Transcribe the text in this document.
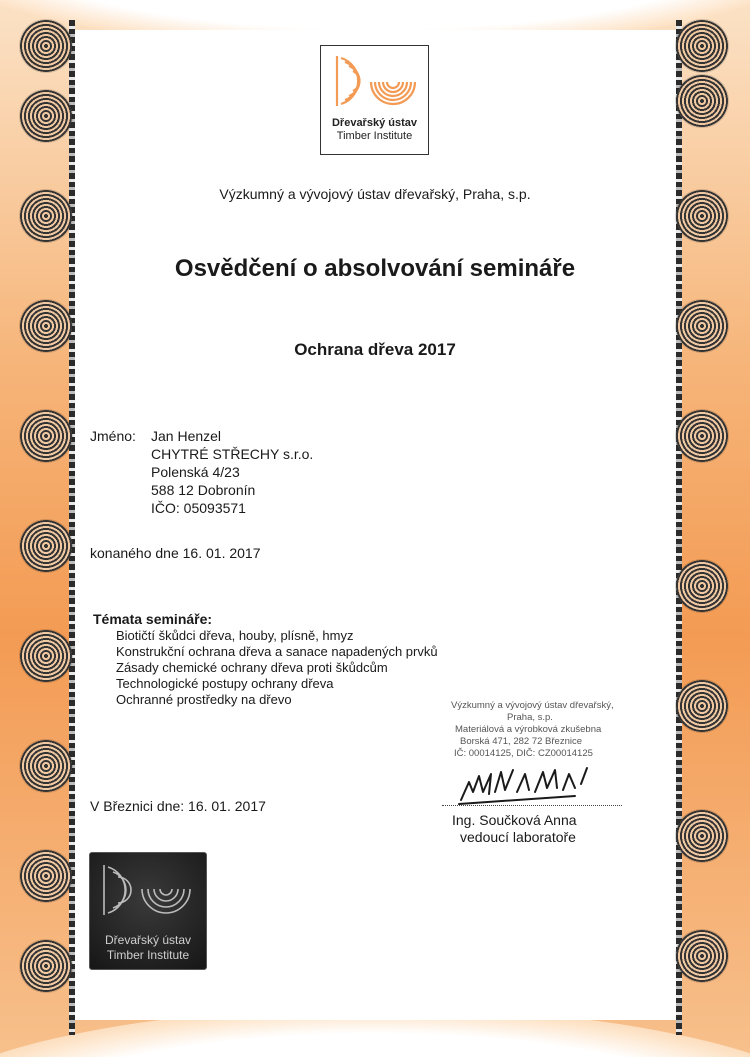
Dřevařský ústav
Timber Institute
Výzkumný a vývojový ústav dřevařský, Praha, s.p.
Osvědčení o absolvování semináře
Ochrana dřeva 2017
Jméno: Jan Henzel
CHYTRÉ STŘECHY s.r.o.
Polenská 4/23
588 12 Dobronín
IČO: 05093571
konaného dne 16. 01. 2017
Témata semináře:
Biotičtí škůdci dřeva, houby, plísně, hmyz
Konstrukční ochrana dřeva a sanace napadených prvků
Zásady chemické ochrany dřeva proti škůdcům
Technologické postupy ochrany dřeva
Ochranné prostředky na dřevo	Výzkumný a vývojový ústav dřevařský,
Praha, s.p.
Materiálová a výrobková zkušebna
Borská 471, 282 72 Březnice
IČ: 00014125, DIČ: CZ00014125
V Březnici dne: 16. 01. 2017
Ing. Součková Anna
vedoucí laboratoře
Dřevařský ústav
Timber Institute
